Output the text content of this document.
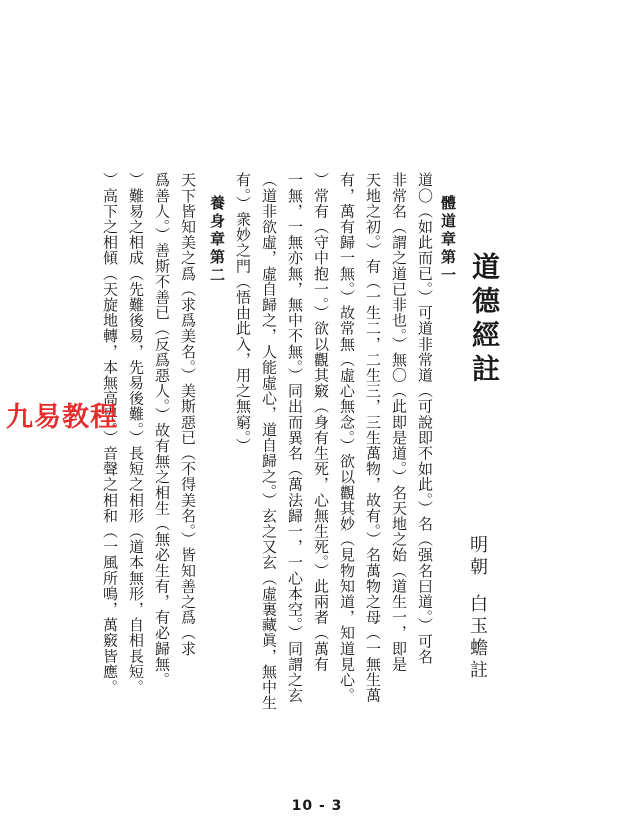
道德經註
明朝
白玉蟾註
體道章第一
道〇（如此而已。）可道非常道（可說即不如此。）名（强名曰道。）可名
非常名（謂之道已非也。）無〇（此即是道。）名天地之始（道生一，即是
天地之初。）有（一生二，二生三，三生萬物，故有。）名萬物之母（一無生萬
有，萬有歸一無。）故常無（虛心無念。）欲以觀其妙（見物知道，知道見心。
）常有（守中抱一。）欲以觀其竅（身有生死，心無生死。）此兩者（萬有
一無，一無亦無，無中不無。）同出而異名（萬法歸一，一心本空。）同謂之玄
（道非欲虛，虛自歸之，人能虛心，道自歸之。）玄之又玄（虛裏藏眞，無中生
有。）衆妙之門（悟由此入，用之無窮。）
養身章第二
天下皆知美之爲（求爲美名。）美斯惡已（不得美名。）皆知善之爲（求
爲善人。）善斯不善已（反爲惡人。）故有無之相生（無必生有，有必歸無。
）難易之相成（先難後易，先易後難。）長短之相形（道本無形，自相長短。
）高下之相傾（天旋地轉，本無高卑。）音聲之相和（一風所鳴，萬竅皆應。
九易教程
10 - 3
